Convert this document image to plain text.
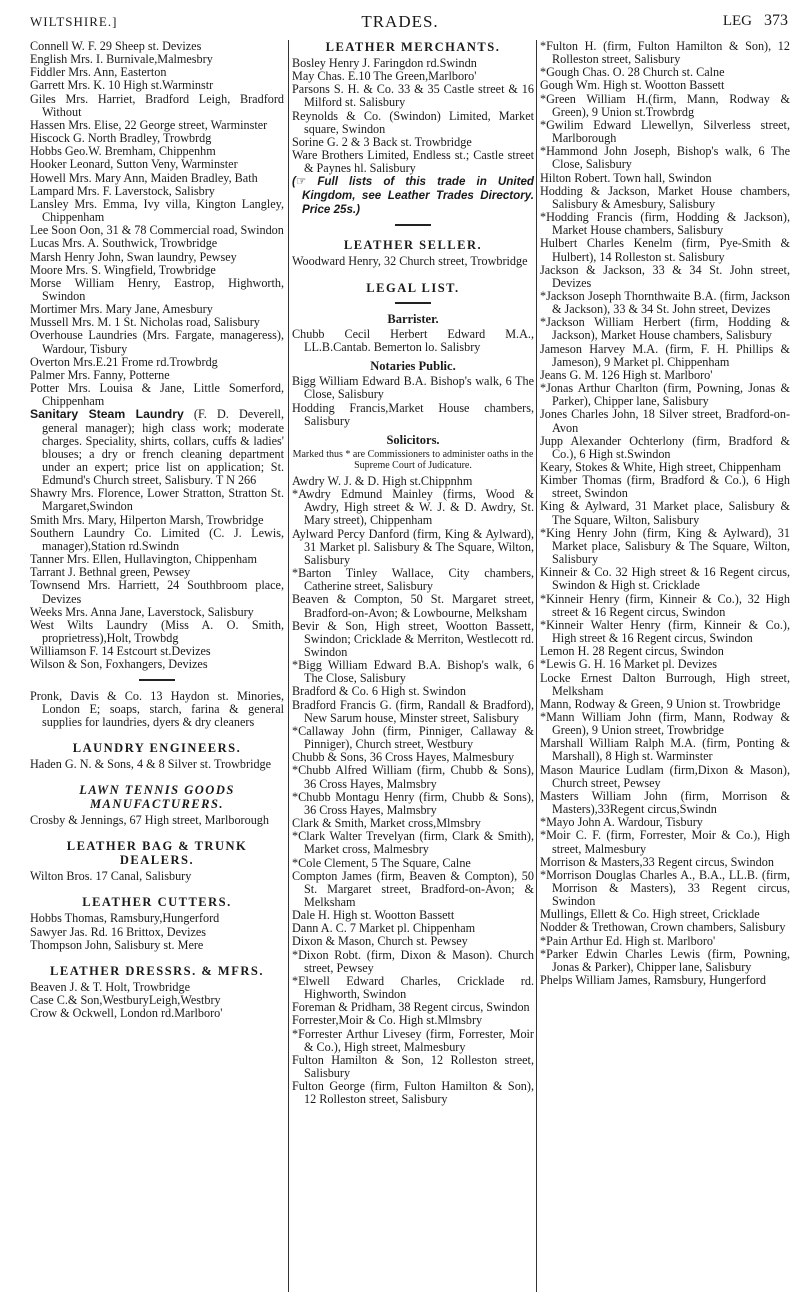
WILTSHIRE.]	TRADES.	LEG 373
Connell W. F. 29 Sheep st. Devizes
English Mrs. I. Burnivale,Malmesbry
Fiddler Mrs. Ann, Easterton
Garrett Mrs. K. 10 High st.Warminstr
Giles Mrs. Harriet, Bradford Leigh, Bradford Without
Hassen Mrs. Elise, 22 George street, Warminster
Hiscock G. North Bradley, Trowbrdg
Hobbs Geo.W. Bremham, Chippenhm
Hooker Leonard, Sutton Veny, Warminster
Howell Mrs. Mary Ann, Maiden Bradley, Bath
Lampard Mrs. F. Laverstock, Salisbry
Lansley Mrs. Emma, Ivy villa, Kington Langley, Chippenham
Lee Soon Oon, 31 & 78 Commercial road, Swindon
Lucas Mrs. A. Southwick, Trowbridge
Marsh Henry John, Swan laundry, Pewsey
Moore Mrs. S. Wingfield, Trowbridge
Morse William Henry, Eastrop, Highworth, Swindon
Mortimer Mrs. Mary Jane, Amesbury
Mussell Mrs. M. 1 St. Nicholas road, Salisbury
Overhouse Laundries (Mrs. Fargate, manageress), Wardour, Tisbury
Overton Mrs.E.21 Frome rd.Trowbrdg
Palmer Mrs. Fanny, Potterne
Potter Mrs. Louisa & Jane, Little Somerford, Chippenham
Sanitary Steam Laundry (F. D. Deverell, general manager); high class work; moderate charges. Speciality, shirts, collars, cuffs & ladies' blouses; a dry or french cleaning department under an expert; price list on application; St. Edmund's Church street, Salisbury. T N 266
Shawry Mrs. Florence, Lower Stratton, Stratton St. Margaret,Swindon
Smith Mrs. Mary, Hilperton Marsh, Trowbridge
Southern Laundry Co. Limited (C. J. Lewis, manager),Station rd.Swindn
Tanner Mrs. Ellen, Hullavington, Chippenham
Tarrant J. Bethnal green, Pewsey
Townsend Mrs. Harriett, 24 Southbroom place, Devizes
Weeks Mrs. Anna Jane, Laverstock, Salisbury
West Wilts Laundry (Miss A. O. Smith, proprietress),Holt, Trowbdg
Williamson F. 14 Estcourt st.Devizes
Wilson & Son, Foxhangers, Devizes
Pronk, Davis & Co. 13 Haydon st. Minories, London E; soaps, starch, farina & general supplies for laundries, dyers & dry cleaners
LAUNDRY ENGINEERS.
Haden G. N. & Sons, 4 & 8 Silver st. Trowbridge
LAWN TENNIS GOODS MANUFACTURERS.
Crosby & Jennings, 67 High street, Marlborough
LEATHER BAG & TRUNK DEALERS.
Wilton Bros. 17 Canal, Salisbury
LEATHER CUTTERS.
Hobbs Thomas, Ramsbury,Hungerford
Sawyer Jas. Rd. 16 Brittox, Devizes
Thompson John, Salisbury st. Mere
LEATHER DRESSRS. & MFRS.
Beaven J. & T. Holt, Trowbridge
Case C.& Son,WestburyLeigh,Westbry
Crow & Ockwell, London rd.Marlboro'
LEATHER MERCHANTS.
Bosley Henry J. Faringdon rd.Swindn
May Chas. E.10 The Green,Marlboro'
Parsons S. H. & Co. 33 & 35 Castle street & 16 Milford st. Salisbury
Reynolds & Co. (Swindon) Limited, Market square, Swindon
Sorine G. 2 & 3 Back st. Trowbridge
Ware Brothers Limited, Endless st.; Castle street & Paynes hl. Salisbury
(☞ Full lists of this trade in United Kingdom, see Leather Trades Directory. Price 25s.)
LEATHER SELLER.
Woodward Henry, 32 Church street, Trowbridge
LEGAL LIST.
Barrister.
Chubb Cecil Herbert Edward M.A., LL.B.Cantab. Bemerton lo. Salisbry
Notaries Public.
Bigg William Edward B.A. Bishop's walk, 6 The Close, Salisbury
Hodding Francis,Market House chambers, Salisbury
Solicitors.
Marked thus * are Commissioners to administer oaths in the Supreme Court of Judicature.
Awdry W. J. & D. High st.Chippnhm
*Awdry Edmund Mainley (firms, Wood & Awdry, High street & W. J. & D. Awdry, St. Mary street), Chippenham
Aylward Percy Danford (firm, King & Aylward), 31 Market pl. Salisbury & The Square, Wilton, Salisbury
*Barton Tinley Wallace, City chambers, Catherine street, Salisbury
Beaven & Compton, 50 St. Margaret street, Bradford-on-Avon; & Lowbourne, Melksham
Bevir & Son, High street, Wootton Bassett, Swindon; Cricklade & Merriton, Westlecott rd. Swindon
*Bigg William Edward B.A. Bishop's walk, 6 The Close, Salisbury
Bradford & Co. 6 High st. Swindon
Bradford Francis G. (firm, Randall & Bradford), New Sarum house, Minster street, Salisbury
*Callaway John (firm, Pinniger, Callaway & Pinniger), Church street, Westbury
Chubb & Sons, 36 Cross Hayes, Malmesbury
*Chubb Alfred William (firm, Chubb & Sons), 36 Cross Hayes, Malmsbry
*Chubb Montagu Henry (firm, Chubb & Sons), 36 Cross Hayes, Malmsbry
Clark & Smith, Market cross,Mlmsbry
*Clark Walter Trevelyan (firm, Clark & Smith), Market cross, Malmesbry
*Cole Clement, 5 The Square, Calne
Compton James (firm, Beaven & Compton), 50 St. Margaret street, Bradford-on-Avon; & Melksham
Dale H. High st. Wootton Bassett
Dann A. C. 7 Market pl. Chippenham
Dixon & Mason, Church st. Pewsey
*Dixon Robt. (firm, Dixon & Mason). Church street, Pewsey
*Elwell Edward Charles, Cricklade rd. Highworth, Swindon
Foreman & Pridham, 38 Regent circus, Swindon
Forrester,Moir & Co. High st.Mlmsbry
*Forrester Arthur Livesey (firm, Forrester, Moir & Co.), High street, Malmesbury
Fulton Hamilton & Son, 12 Rolleston street, Salisbury
Fulton George (firm, Fulton Hamilton & Son), 12 Rolleston street, Salisbury
*Fulton H. (firm, Fulton Hamilton & Son), 12 Rolleston street, Salisbury
*Gough Chas. O. 28 Church st. Calne
Gough Wm. High st. Wootton Bassett
*Green William H.(firm, Mann, Rodway & Green), 9 Union st.Trowbrdg
*Gwilim Edward Llewellyn, Silverless street, Marlborough
*Hammond John Joseph, Bishop's walk, 6 The Close, Salisbury
Hilton Robert. Town hall, Swindon
Hodding & Jackson, Market House chambers, Salisbury & Amesbury, Salisbury
*Hodding Francis (firm, Hodding & Jackson), Market House chambers, Salisbury
Hulbert Charles Kenelm (firm, Pye-Smith & Hulbert), 14 Rolleston st. Salisbury
Jackson & Jackson, 33 & 34 St. John street, Devizes
*Jackson Joseph Thornthwaite B.A. (firm, Jackson & Jackson), 33 & 34 St. John street, Devizes
*Jackson William Herbert (firm, Hodding & Jackson), Market House chambers, Salisbury
Jameson Harvey M.A. (firm, F. H. Phillips & Jameson), 9 Market pl. Chippenham
Jeans G. M. 126 High st. Marlboro'
*Jonas Arthur Charlton (firm, Powning, Jonas & Parker), Chipper lane, Salisbury
Jones Charles John, 18 Silver street, Bradford-on-Avon
Jupp Alexander Ochterlony (firm, Bradford & Co.), 6 High st.Swindon
Keary, Stokes & White, High street, Chippenham
Kimber Thomas (firm, Bradford & Co.), 6 High street, Swindon
King & Aylward, 31 Market place, Salisbury & The Square, Wilton, Salisbury
*King Henry John (firm, King & Aylward), 31 Market place, Salisbury & The Square, Wilton, Salisbury
Kinneir & Co. 32 High street & 16 Regent circus, Swindon & High st. Cricklade
*Kinneir Henry (firm, Kinneir & Co.), 32 High street & 16 Regent circus, Swindon
*Kinneir Walter Henry (firm, Kinneir & Co.), High street & 16 Regent circus, Swindon
Lemon H. 28 Regent circus, Swindon
*Lewis G. H. 16 Market pl. Devizes
Locke Ernest Dalton Burrough, High street, Melksham
Mann, Rodway & Green, 9 Union st. Trowbridge
*Mann William John (firm, Mann, Rodway & Green), 9 Union street, Trowbridge
Marshall William Ralph M.A. (firm, Ponting & Marshall), 8 High st. Warminster
Mason Maurice Ludlam (firm,Dixon & Mason), Church street, Pewsey
Masters William John (firm, Morrison & Masters),33Regent circus,Swindn
*Mayo John A. Wardour, Tisbury
*Moir C. F. (firm, Forrester, Moir & Co.), High street, Malmesbury
Morrison & Masters,33 Regent circus, Swindon
*Morrison Douglas Charles A., B.A., LL.B. (firm, Morrison & Masters), 33 Regent circus, Swindon
Mullings, Ellett & Co. High street, Cricklade
Nodder & Trethowan, Crown chambers, Salisbury
*Pain Arthur Ed. High st. Marlboro'
*Parker Edwin Charles Lewis (firm, Powning, Jonas & Parker), Chipper lane, Salisbury
Phelps William James, Ramsbury, Hungerford
